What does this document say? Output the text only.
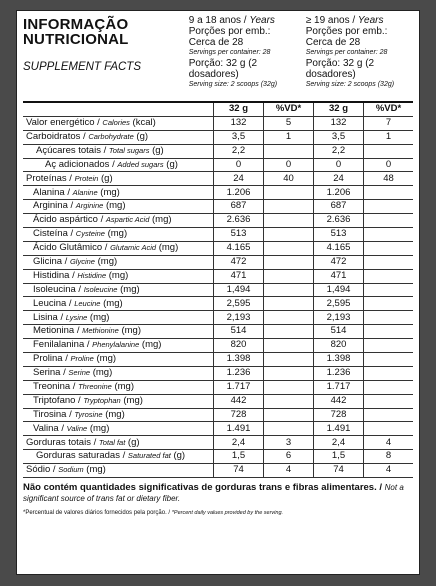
INFORMAÇÃO
NUTRICIONAL
SUPPLEMENT FACTS
9 a 18 anos / Years
Porções por emb.:
Cerca de 28
Servings per container: 28
Porção: 32 g (2 dosadores)
Serving size: 2 scoops (32g)
≥ 19 anos / Years
Porções por emb.:
Cerca de 28
Servings per container: 28
Porção: 32 g (2 dosadores)
Serving size: 2 scoops (32g)
	32 g	%VD*	32 g	%VD*
Valor energético / Calories (kcal)	132	5	132	7
Carboidratos / Carbohydrate (g)	3,5	1	3,5	1
Açúcares totais / Total sugars (g)	2,2		2,2	
Aç adicionados / Added sugars (g)	0	0	0	0
Proteínas / Protein (g)	24	40	24	48
Alanina / Alanine (mg)	1.206		1.206	
Arginina / Arginine (mg)	687		687	
Ácido aspártico / Aspartic Acid (mg)	2.636		2.636	
Cisteína / Cysteine (mg)	513		513	
Ácido Glutâmico / Glutamic Acid (mg)	4.165		4.165	
Glicina / Glycine (mg)	472		472	
Histidina / Histidine (mg)	471		471	
Isoleucina / Isoleucine (mg)	1,494		1,494	
Leucina / Leucine (mg)	2,595		2,595	
Lisina / Lysine (mg)	2,193		2,193	
Metionina / Methionine (mg)	514		514	
Fenilalanina / Phenylalanine (mg)	820		820	
Prolina / Proline (mg)	1.398		1.398	
Serina / Serine (mg)	1.236		1.236	
Treonina / Threonine (mg)	1.717		1.717	
Triptofano / Tryptophan (mg)	442		442	
Tirosina / Tyrosine (mg)	728		728	
Valina / Valine (mg)	1.491		1.491	
Gorduras totais / Total fat (g)	2,4	3	2,4	4
Gorduras saturadas / Saturated fat (g)	1,5	6	1,5	8
Sódio / Sodium (mg)	74	4	74	4
Não contém quantidades significativas de gorduras trans e fibras alimentares. / Not a significant source of trans fat or dietary fiber.
*Percentual de valores diários fornecidos pela porção. / *Percent daily values provided by the serving.
